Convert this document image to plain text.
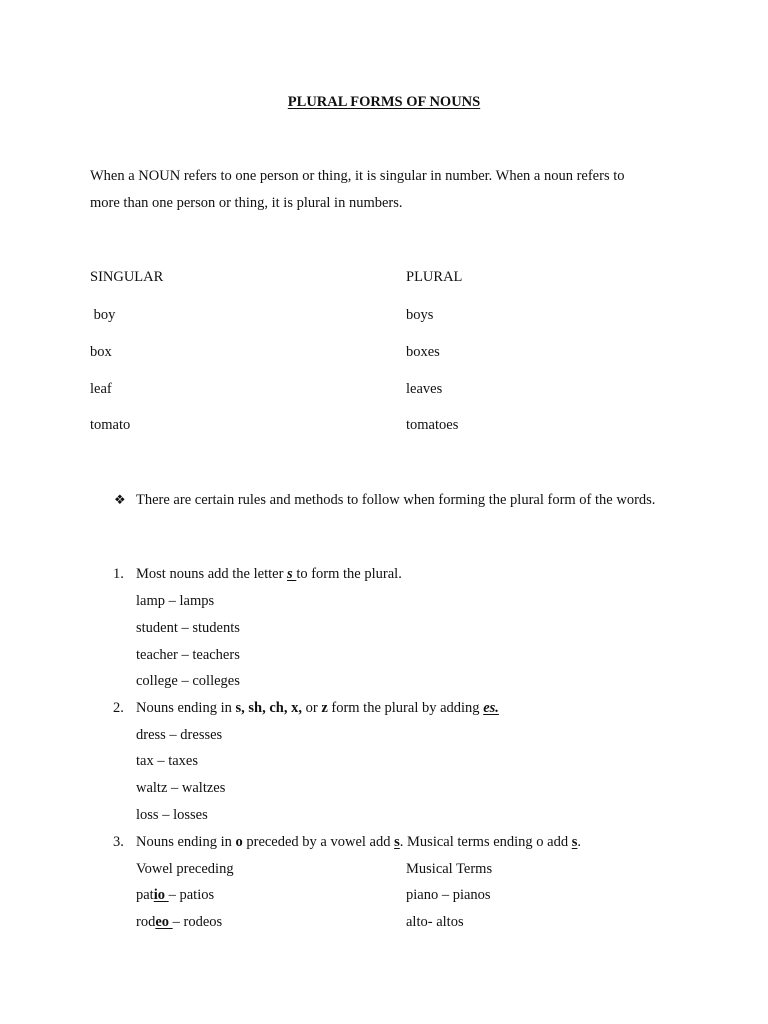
PLURAL FORMS OF NOUNS
When a NOUN refers to one person or thing, it is singular in number. When a noun refers to
more than one person or thing, it is plural in numbers.
SINGULAR	PLURAL
boy	boys
box	boxes
leaf	leaves
tomato	tomatoes
❖ There are certain rules and methods to follow when forming the plural form of the words.
1. Most nouns add the letter s to form the plural.
lamp – lamps
student – students
teacher – teachers
college – colleges
2. Nouns ending in s, sh, ch, x, or z form the plural by adding es.
dress – dresses
tax – taxes
waltz – waltzes
loss – losses
3. Nouns ending in o preceded by a vowel add s. Musical terms ending o add s.
Vowel preceding	Musical Terms
patio – patios	piano – pianos
rodeo – rodeos	alto- altos
